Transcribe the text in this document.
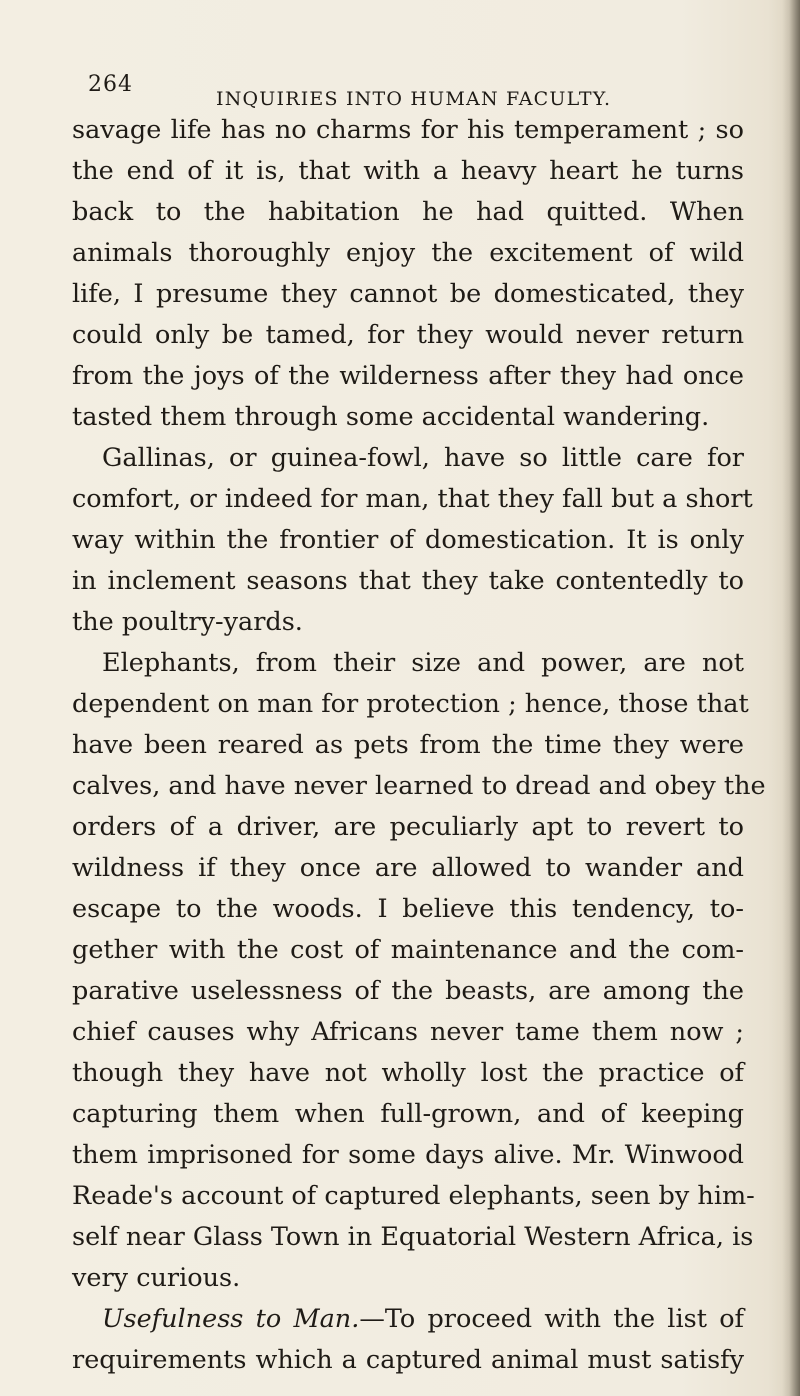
264
INQUIRIES INTO HUMAN FACULTY.
savage life has no charms for his temperament ; so
the end of it is, that with a heavy heart he turns
back to the habitation he had quitted. When
animals thoroughly enjoy the excitement of wild
life, I presume they cannot be domesticated, they
could only be tamed, for they would never return
from the joys of the wilderness after they had once
tasted them through some accidental wandering.
Gallinas, or guinea-fowl, have so little care for
comfort, or indeed for man, that they fall but a short
way within the frontier of domestication. It is only
in inclement seasons that they take contentedly to
the poultry-yards.
Elephants, from their size and power, are not
dependent on man for protection ; hence, those that
have been reared as pets from the time they were
calves, and have never learned to dread and obey the
orders of a driver, are peculiarly apt to revert to
wildness if they once are allowed to wander and
escape to the woods. I believe this tendency, to-
gether with the cost of maintenance and the com-
parative uselessness of the beasts, are among the
chief causes why Africans never tame them now ;
though they have not wholly lost the practice of
capturing them when full-grown, and of keeping
them imprisoned for some days alive. Mr. Winwood
Reade's account of captured elephants, seen by him-
self near Glass Town in Equatorial Western Africa, is
very curious.
Usefulness to Man.—To proceed with the list of
requirements which a captured animal must satisfy
